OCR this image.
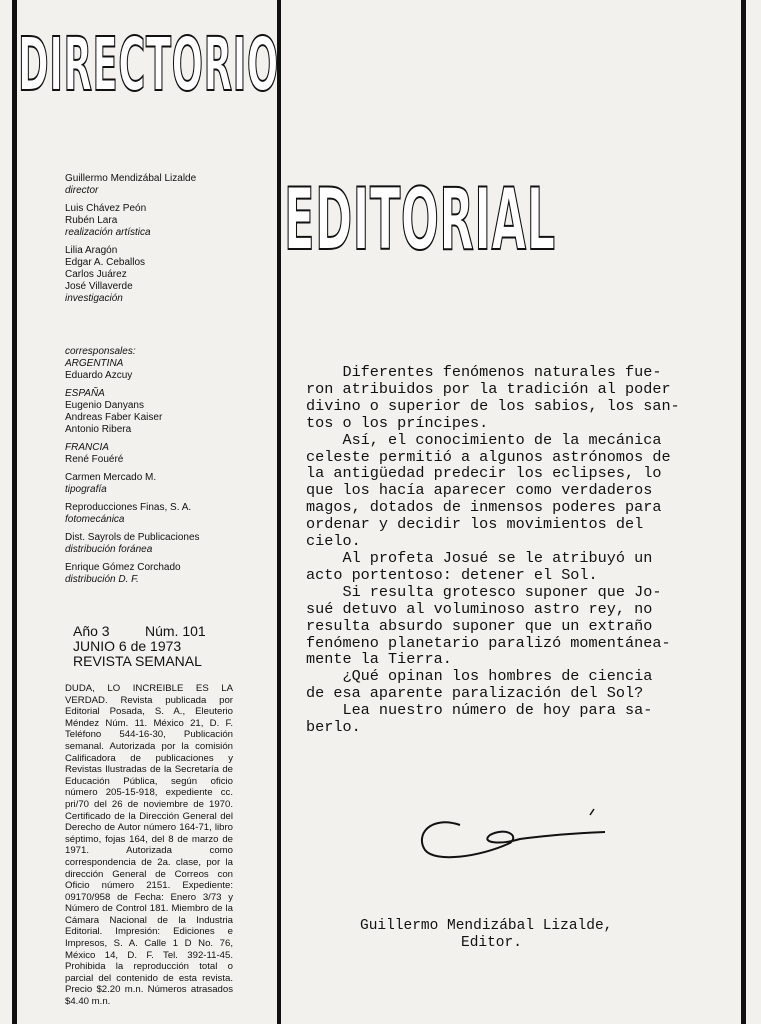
DIRECTORIO
Guillermo Mendizábal Lizalde
director
Luis Chávez Peón
Rubén Lara
realización artística
Lilia Aragón
Edgar A. Ceballos
Carlos Juárez
José Villaverde
investigación
corresponsales:
ARGENTINA
Eduardo Azcuy
ESPAÑA
Eugenio Danyans
Andreas Faber Kaiser
Antonio Ribera
FRANCIA
René Fouéré
Carmen Mercado M.
tipografía
Reproducciones Finas, S. A.
fotomecánica
Dist. Sayrols de Publicaciones
distribución foránea
Enrique Gómez Corchado
distribución D. F.
Año 3	Núm. 101
JUNIO 6 de 1973
REVISTA SEMANAL
DUDA, LO INCREIBLE ES LA VERDAD. Revista publicada por Editorial Posada, S. A., Eleuterio Méndez Núm. 11. México 21, D. F. Teléfono 544-16-30, Publicación semanal. Autorizada por la comisión Calificadora de publicaciones y Revistas Ilustradas de la Secretaría de Educación Pública, según oficio número 205-15-918, expediente cc. pri/70 del 26 de noviembre de 1970. Certificado de la Dirección General del Derecho de Autor número 164-71, libro séptimo, fojas 164, del 8 de marzo de 1971. Autorizada como correspondencia de 2a. clase, por la dirección General de Correos con Oficio número 2151. Expediente: 09170/958 de Fecha: Enero 3/73 y Número de Control 181. Miembro de la Cámara Nacional de la Industria Editorial. Impresión: Ediciones e Impresos, S. A. Calle 1 D No. 76, México 14, D. F. Tel. 392-11-45. Prohibida la reproducción total o parcial del contenido de esta revista. Precio $2.20 m.n. Números atrasados $4.40 m.n.
EDITORIAL
Diferentes fenómenos naturales fue-
ron atribuidos por la tradición al poder
divino o superior de los sabios, los san-
tos o los príncipes.
Así, el conocimiento de la mecánica
celeste permitió a algunos astrónomos de
la antigüedad predecir los eclipses, lo
que los hacía aparecer como verdaderos
magos, dotados de inmensos poderes para
ordenar y decidir los movimientos del
cielo.
Al profeta Josué se le atribuyó un
acto portentoso: detener el Sol.
Si resulta grotesco suponer que Jo-
sué detuvo al voluminoso astro rey, no
resulta absurdo suponer que un extraño
fenómeno planetario paralizó momentánea-
mente la Tierra.
¿Qué opinan los hombres de ciencia
de esa aparente paralización del Sol?
Lea nuestro número de hoy para sa-
berlo.
Guillermo Mendizábal Lizalde,
Editor.
